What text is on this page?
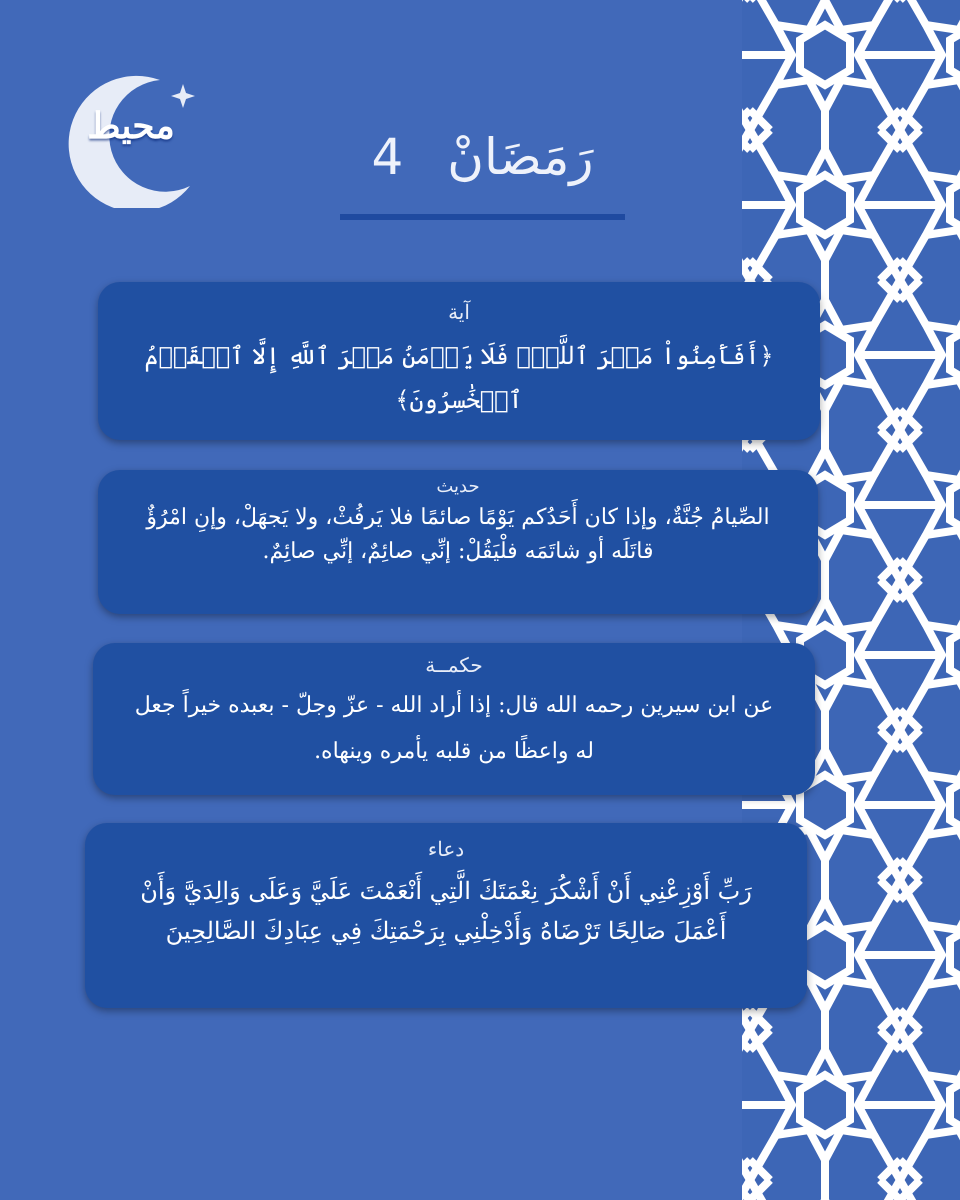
محيط
رَمَضَانْ4
آية
﴿أَفَأَمِنُواْ مَكۡرَ ٱللَّهِۚ فَلَا يَأۡمَنُ مَكۡرَ ٱللَّهِ إِلَّا ٱلۡقَوۡمُ ٱلۡخَٰسِرُونَ﴾
حديث
الصِّيامُ جُنَّةٌ، وإذا كان أَحَدُكم يَوْمًا صائمًا فلا يَرفُثْ، ولا يَجهَلْ، وإنِ امْرُؤٌ قاتَلَه أو شاتَمَه فلْيَقُلْ: إنِّي صائِمٌ، إنِّي صائِمٌ.
حكمــة
عن ابن سيرين رحمه الله قال: إذا أراد الله - عزّ وجلّ - بعبده خيراً جعل له واعظًا من قلبه يأمره وينهاه.
دعاء
رَبِّ أَوْزِعْنِي أَنْ أَشْكُرَ نِعْمَتَكَ الَّتِي أَنْعَمْتَ عَلَيَّ وَعَلَى وَالِدَيَّ وَأَنْ أَعْمَلَ صَالِحًا تَرْضَاهُ وَأَدْخِلْنِي بِرَحْمَتِكَ فِي عِبَادِكَ الصَّالِحِينَ
